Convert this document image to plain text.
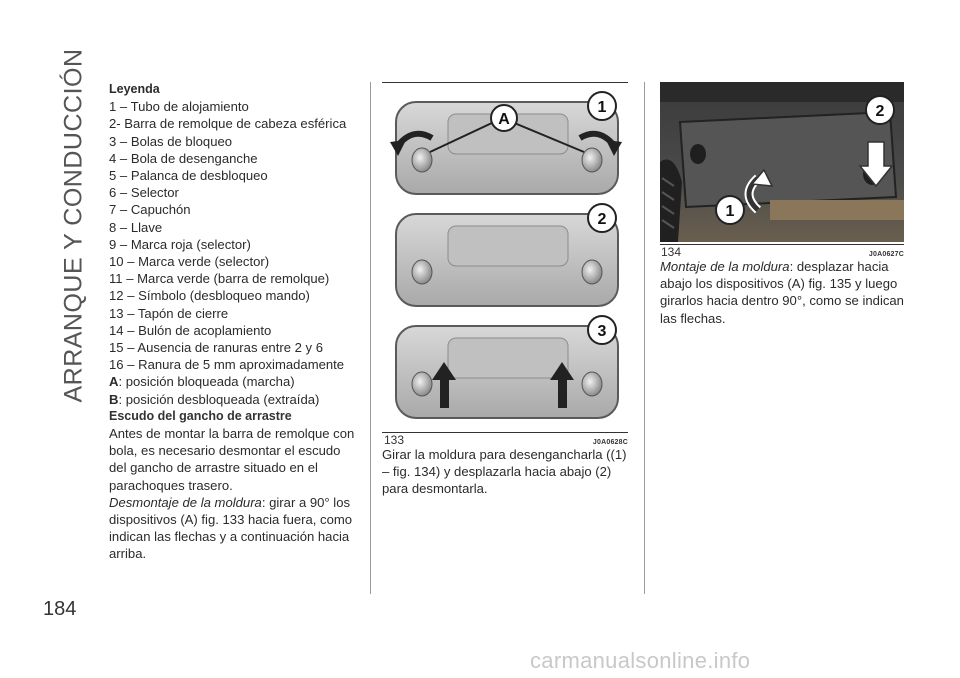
ARRANQUE Y CONDUCCIÓN
184
Leyenda
1 – Tubo de alojamiento
2- Barra de remolque de cabeza esférica
3 – Bolas de bloqueo
4 – Bola de desenganche
5 – Palanca de desbloqueo
6 – Selector
7 – Capuchón
8 – Llave
9 – Marca roja (selector)
10 – Marca verde (selector)
11 – Marca verde (barra de remolque)
12 – Símbolo (desbloqueo mando)
13 – Tapón de cierre
14 – Bulón de acoplamiento
15 – Ausencia de ranuras entre 2 y 6
16 – Ranura de 5 mm aproximadamente
A: posición bloqueada (marcha)
B: posición desbloqueada (extraída)
Escudo del gancho de arrastre
Antes de montar la barra de remolque con bola, es necesario desmontar el escudo del gancho de arrastre situado en el parachoques trasero.
Desmontaje de la moldura: girar a 90° los dispositivos (A) fig. 133 hacia fuera, como indican las flechas y a continuación hacia arriba.
A
1
2
3
133	J0A0628C
Girar la moldura para desengancharla ((1) – fig. 134) y desplazarla hacia abajo (2) para desmontarla.
1
2
134	J0A0627C
Montaje de la moldura: desplazar hacia abajo los dispositivos (A) fig. 135 y luego girarlos hacia dentro 90°, como se indican las flechas.
carmanualsonline.info
